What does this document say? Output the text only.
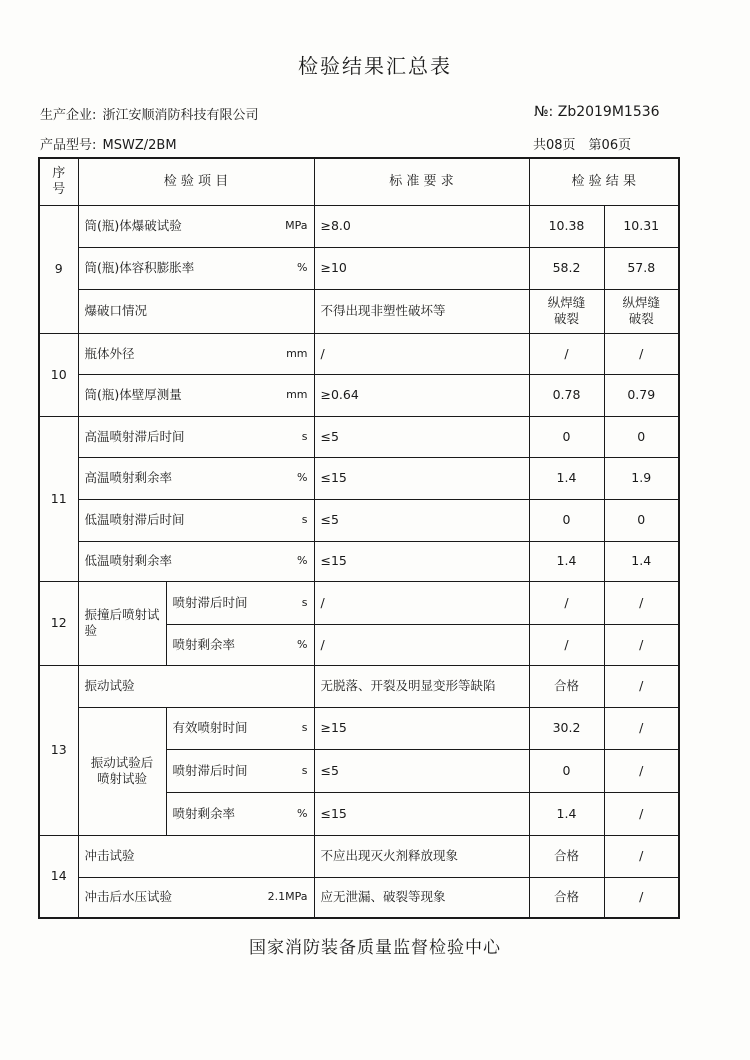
检验结果汇总表
生产企业: 浙江安顺消防科技有限公司	№: Zb2019M1536
产品型号: MSWZ/2BM	共08页　第06页
序号	检 验 项 目		标 准 要 求	检 验 结 果	
9	筒(瓶)体爆破试验 MPa		≥8.0	10.38	10.31

	筒(瓶)体容积膨胀率 %		≥10	58.2	57.8
	爆破口情况		不得出现非塑性破坏等	纵焊缝破裂	纵焊缝破裂
10	瓶体外径 mm		/	/	/

	筒(瓶)体壁厚测量 mm		≥0.64	0.78	0.79
11	高温喷射滞后时间 s		≤5	0	0

	高温喷射剩余率 %		≤15	1.4	1.9

	低温喷射滞后时间 s		≤5	0	0

	低温喷射剩余率 %		≤15	1.4	1.4
12	振撞后喷射试验	喷射滞后时间 s	/	/	/

		喷射剩余率 %	/	/	/
13	振动试验		无脱落、开裂及明显变形等缺陷	合格	/
	振动试验后喷射试验	有效喷射时间 s	≥15	30.2	/

		喷射滞后时间 s	≤5	0	/

		喷射剩余率 %	≤15	1.4	/
14	冲击试验		不应出现灭火剂释放现象	合格	/

	冲击后水压试验 2.1MPa		应无泄漏、破裂等现象	合格	/
国家消防装备质量监督检验中心
